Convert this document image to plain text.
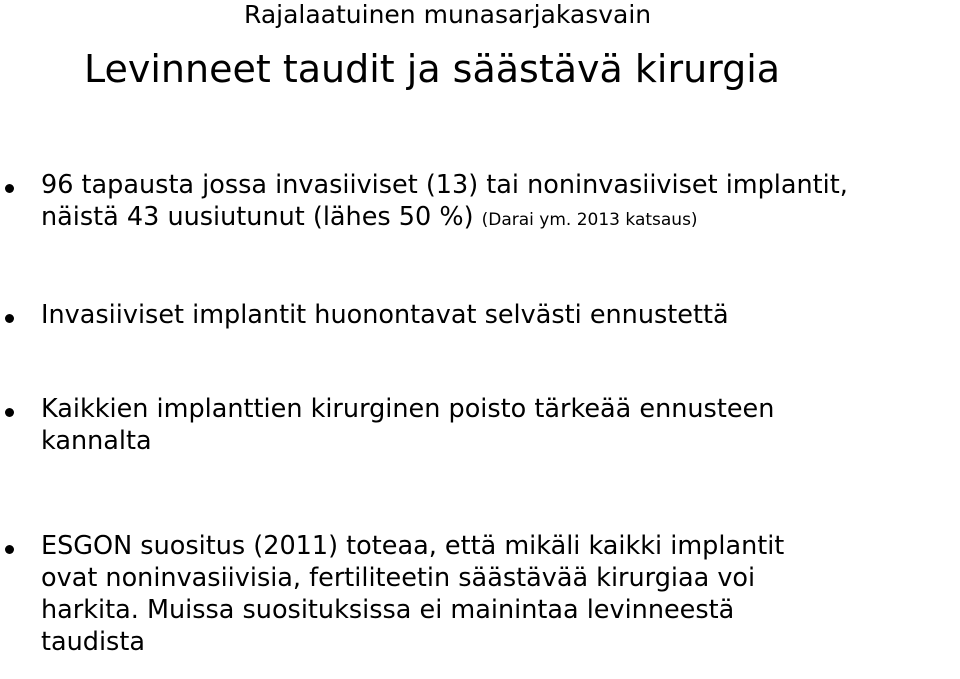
Rajalaatuinen munasarjakasvain
Levinneet taudit ja säästävä kirurgia
96 tapausta jossa invasiiviset (13) tai noninvasiiviset implantit,
näistä 43 uusiutunut (lähes 50 %) (Darai ym. 2013 katsaus)
Invasiiviset implantit huonontavat selvästi ennustettä
Kaikkien implanttien kirurginen poisto tärkeää ennusteen
kannalta
ESGON suositus (2011) toteaa, että mikäli kaikki implantit
ovat noninvasiivisia, fertiliteetin säästävää kirurgiaa voi
harkita. Muissa suosituksissa ei mainintaa levinneestä
taudista
